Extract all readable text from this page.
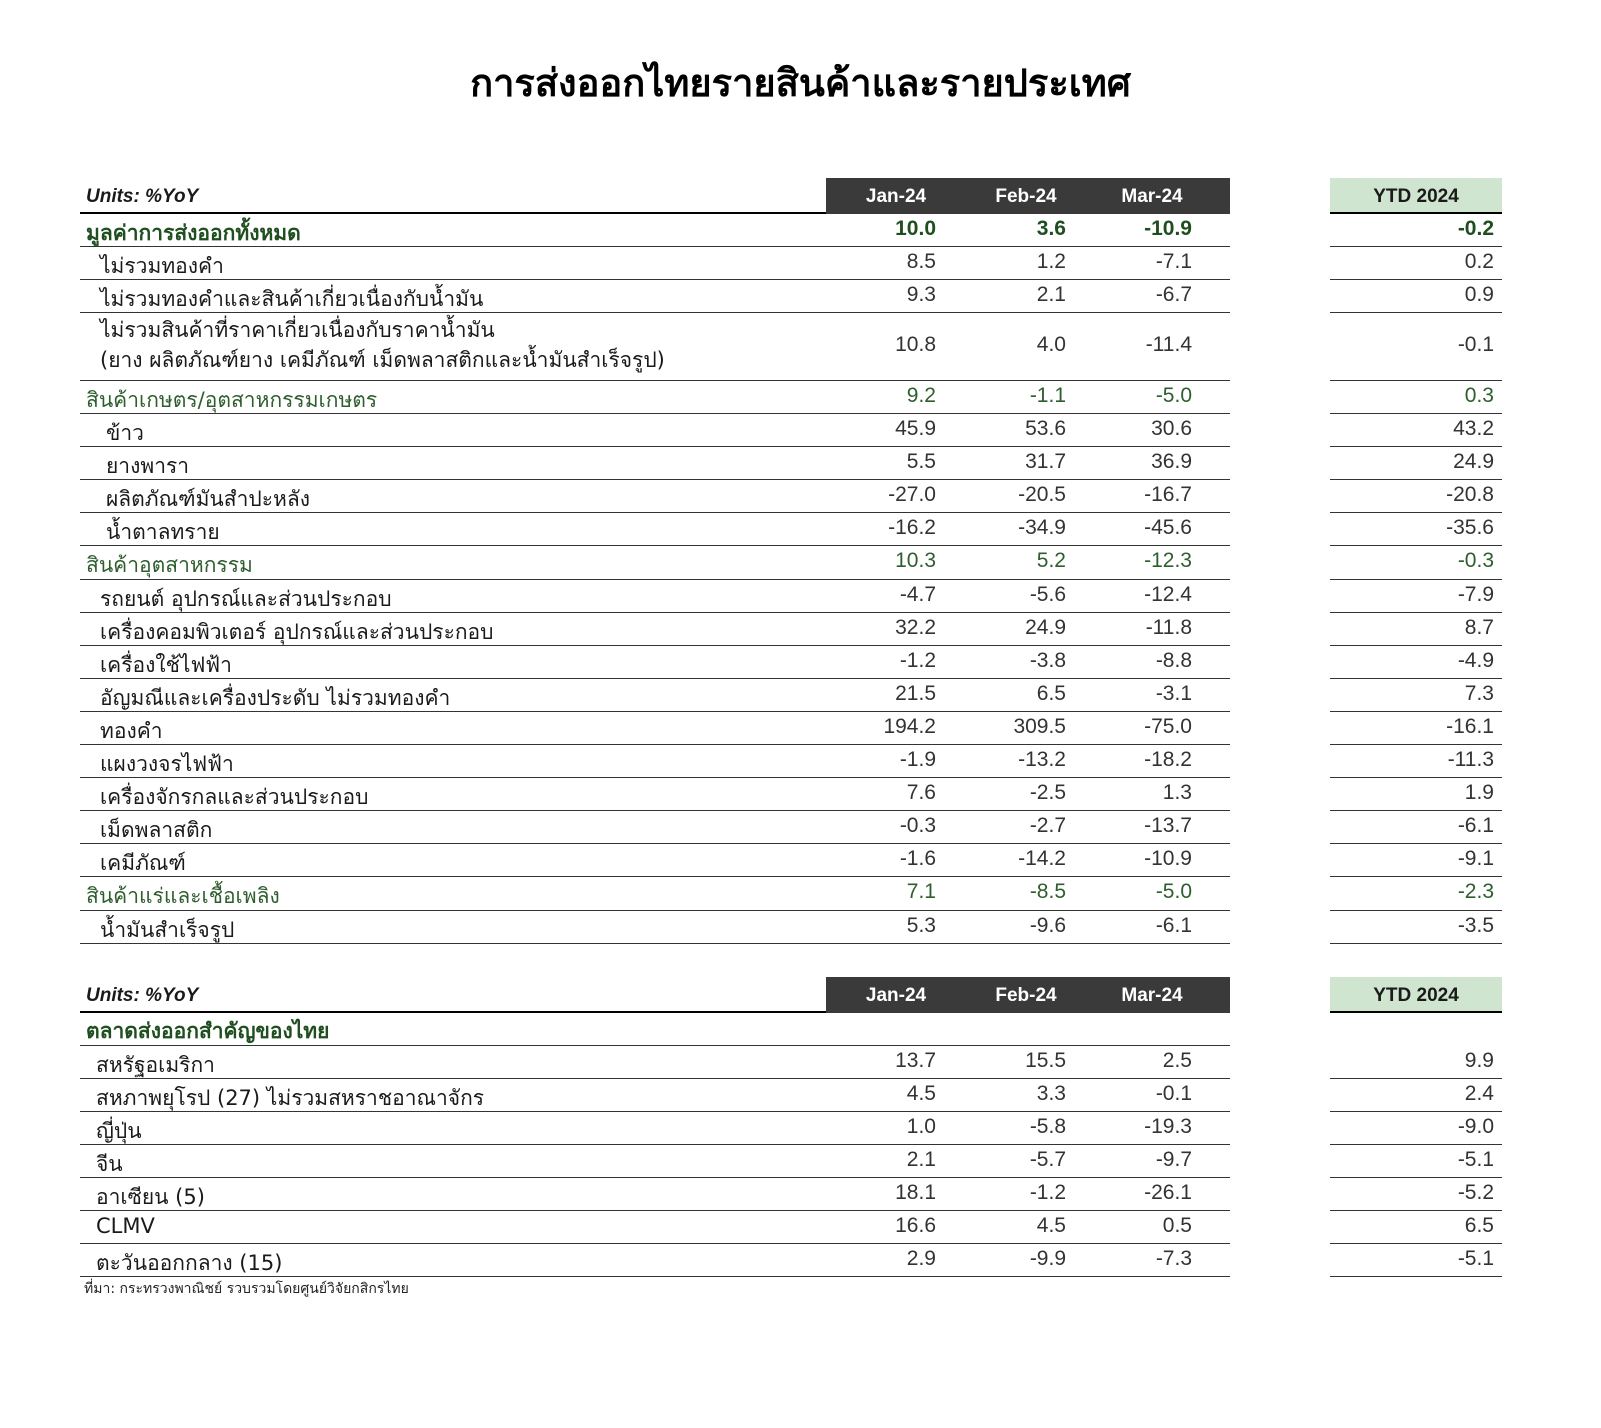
การส่งออกไทยรายสินค้าและรายประเทศ
Units: %YoY	Jan-24	Feb-24	Mar-24	YTD 2024
มูลค่าการส่งออกทั้งหมด	10.0	3.6	-10.9	-0.2
ไม่รวมทองคำ	8.5	1.2	-7.1	0.2
ไม่รวมทองคำและสินค้าเกี่ยวเนื่องกับน้ำมัน	9.3	2.1	-6.7	0.9
ไม่รวมสินค้าที่ราคาเกี่ยวเนื่องกับราคาน้ำมัน
(ยาง ผลิตภัณฑ์ยาง เคมีภัณฑ์ เม็ดพลาสติกและน้ำมันสำเร็จรูป)
10.8	4.0	-11.4	-0.1
สินค้าเกษตร/อุตสาหกรรมเกษตร	9.2	-1.1	-5.0	0.3
ข้าว	45.9	53.6	30.6	43.2
ยางพารา	5.5	31.7	36.9	24.9
ผลิตภัณฑ์มันสำปะหลัง	-27.0	-20.5	-16.7	-20.8
น้ำตาลทราย	-16.2	-34.9	-45.6	-35.6
สินค้าอุตสาหกรรม	10.3	5.2	-12.3	-0.3
รถยนต์ อุปกรณ์และส่วนประกอบ	-4.7	-5.6	-12.4	-7.9
เครื่องคอมพิวเตอร์ อุปกรณ์และส่วนประกอบ	32.2	24.9	-11.8	8.7
เครื่องใช้ไฟฟ้า	-1.2	-3.8	-8.8	-4.9
อัญมณีและเครื่องประดับ ไม่รวมทองคำ	21.5	6.5	-3.1	7.3
ทองคำ	194.2	309.5	-75.0	-16.1
แผงวงจรไฟฟ้า	-1.9	-13.2	-18.2	-11.3
เครื่องจักรกลและส่วนประกอบ	7.6	-2.5	1.3	1.9
เม็ดพลาสติก	-0.3	-2.7	-13.7	-6.1
เคมีภัณฑ์	-1.6	-14.2	-10.9	-9.1
สินค้าแร่และเชื้อเพลิง	7.1	-8.5	-5.0	-2.3
น้ำมันสำเร็จรูป	5.3	-9.6	-6.1	-3.5
Units: %YoY	Jan-24	Feb-24	Mar-24	YTD 2024
ตลาดส่งออกสำคัญของไทย
สหรัฐอเมริกา	13.7	15.5	2.5	9.9
สหภาพยุโรป (27) ไม่รวมสหราชอาณาจักร	4.5	3.3	-0.1	2.4
ญี่ปุ่น	1.0	-5.8	-19.3	-9.0
จีน	2.1	-5.7	-9.7	-5.1
อาเซียน (5)	18.1	-1.2	-26.1	-5.2
CLMV	16.6	4.5	0.5	6.5
ตะวันออกกลาง (15)	2.9	-9.9	-7.3	-5.1
ที่มา: กระทรวงพาณิชย์ รวบรวมโดยศูนย์วิจัยกสิกรไทย
